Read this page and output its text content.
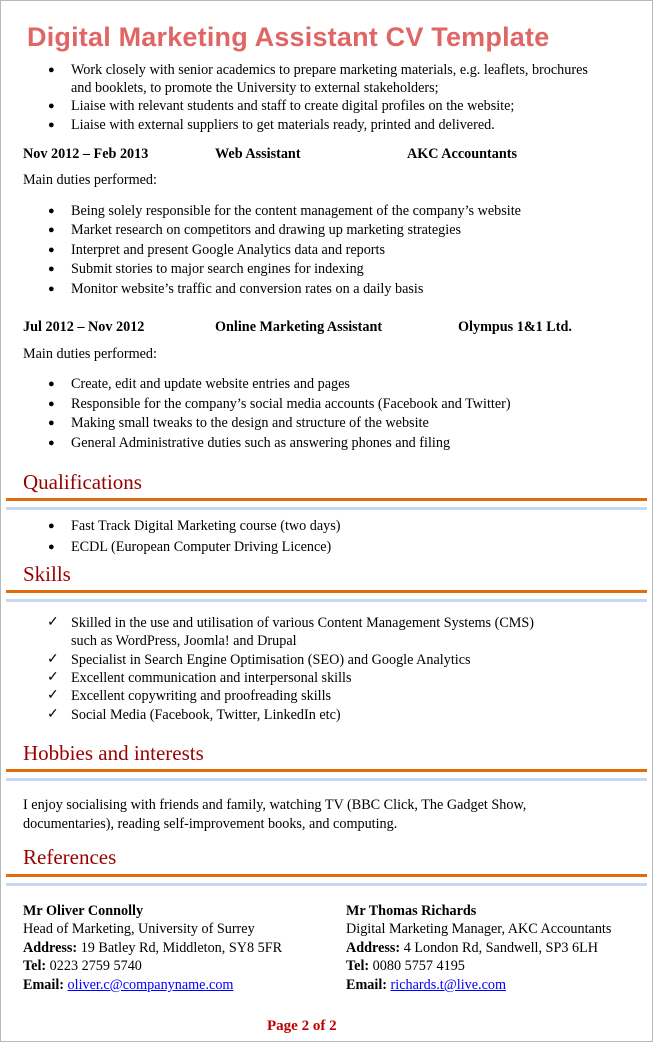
Digital Marketing Assistant CV Template
● Work closely with senior academics to prepare marketing materials, e.g. leaflets, brochures and booklets, to promote the University to external stakeholders;
● Liaise with relevant students and staff to create digital profiles on the website;
● Liaise with external suppliers to get materials ready, printed and delivered.
Nov 2012 – Feb 2013	Web Assistant	AKC Accountants
Main duties performed:
● Being solely responsible for the content management of the company’s website
● Market research on competitors and drawing up marketing strategies
● Interpret and present Google Analytics data and reports
● Submit stories to major search engines for indexing
● Monitor website’s traffic and conversion rates on a daily basis
Jul 2012 – Nov 2012	Online Marketing Assistant	Olympus 1&1 Ltd.
Main duties performed:
● Create, edit and update website entries and pages
● Responsible for the company’s social media accounts (Facebook and Twitter)
● Making small tweaks to the design and structure of the website
● General Administrative duties such as answering phones and filing
Qualifications
● Fast Track Digital Marketing course (two days)
● ECDL (European Computer Driving Licence)
Skills
✓ Skilled in the use and utilisation of various Content Management Systems (CMS) such as WordPress, Joomla! and Drupal
✓ Specialist in Search Engine Optimisation (SEO) and Google Analytics
✓ Excellent communication and interpersonal skills
✓ Excellent copywriting and proofreading skills
✓ Social Media (Facebook, Twitter, LinkedIn etc)
Hobbies and interests
I enjoy socialising with friends and family, watching TV (BBC Click, The Gadget Show, documentaries), reading self-improvement books, and computing.
References
Mr Oliver Connolly
Head of Marketing, University of Surrey
Address: 19 Batley Rd, Middleton, SY8 5FR
Tel: 0223 2759 5740
Email: oliver.c@companyname.com
Mr Thomas Richards
Digital Marketing Manager, AKC Accountants
Address: 4 London Rd, Sandwell, SP3 6LH
Tel: 0080 5757 4195
Email: richards.t@live.com
Page 2 of 2
